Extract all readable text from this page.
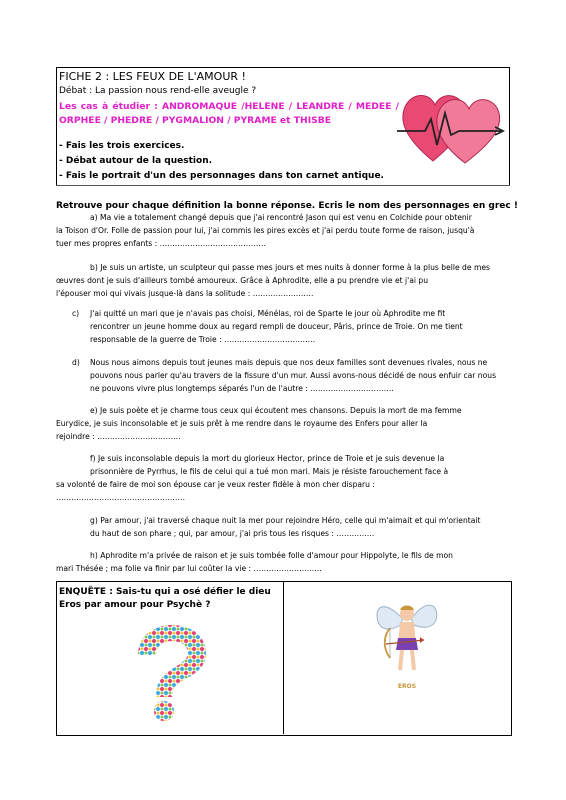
FICHE 2 : LES FEUX DE L'AMOUR !
Débat : La passion nous rend-elle aveugle ?
Les cas à étudier : ANDROMAQUE /HELENE / LEANDRE / MEDEE / ORPHEE / PHEDRE / PYGMALION / PYRAME et THISBE
- Fais les trois exercices.
- Débat autour de la question.
- Fais le portrait d'un des personnages dans ton carnet antique.
Retrouve pour chaque définition la bonne réponse. Ecris le nom des personnages en grec !
a) Ma vie a totalement changé depuis que j'ai rencontré Jason qui est venu en Colchide pour obtenir
la Toison d'Or. Folle de passion pour lui, j'ai commis les pires excès et j'ai perdu toute forme de raison, jusqu'à
tuer mes propres enfants : ……………………………………
b) Je suis un artiste, un sculpteur qui passe mes jours et mes nuits à donner forme à la plus belle de mes
œuvres dont je suis d'ailleurs tombé amoureux. Grâce à Aphrodite, elle a pu prendre vie et j'ai pu
l'épouser moi qui vivais jusque-là dans la solitude : ……………………
c) J'ai quitté un mari que je n'avais pas choisi, Ménélas, roi de Sparte le jour où Aphrodite me fit
rencontrer un jeune homme doux au regard rempli de douceur, Pâris, prince de Troie. On me tient
responsable de la guerre de Troie : ………………………………
d) Nous nous aimons depuis tout jeunes mais depuis que nos deux familles sont devenues rivales, nous ne
pouvons nous parler qu'au travers de la fissure d'un mur. Aussi avons-nous décidé de nous enfuir car nous
ne pouvons vivre plus longtemps séparés l'un de l'autre : ……………………………
e) Je suis poète et je charme tous ceux qui écoutent mes chansons. Depuis la mort de ma femme
Eurydice, je suis inconsolable et je suis prêt à me rendre dans le royaume des Enfers pour aller la
rejoindre : ……………………………
f) Je suis inconsolable depuis la mort du glorieux Hector, prince de Troie et je suis devenue la
prisonnière de Pyrrhus, le fils de celui qui a tué mon mari. Mais je résiste farouchement face à
sa volonté de faire de moi son épouse car je veux rester fidèle à mon cher disparu :
……………………………………………
g) Par amour, j'ai traversé chaque nuit la mer pour rejoindre Héro, celle qui m'aimait et qui m'orientait
du haut de son phare ; qui, par amour, j'ai pris tous les risques : ……………
h) Aphrodite m'a privée de raison et je suis tombée folle d'amour pour Hippolyte, le fils de mon
mari Thésée ; ma folie va finir par lui coûter la vie : ………………………
ENQUÊTE : Sais-tu qui a osé défier le dieu Eros par amour pour Psychè ?
EROS
